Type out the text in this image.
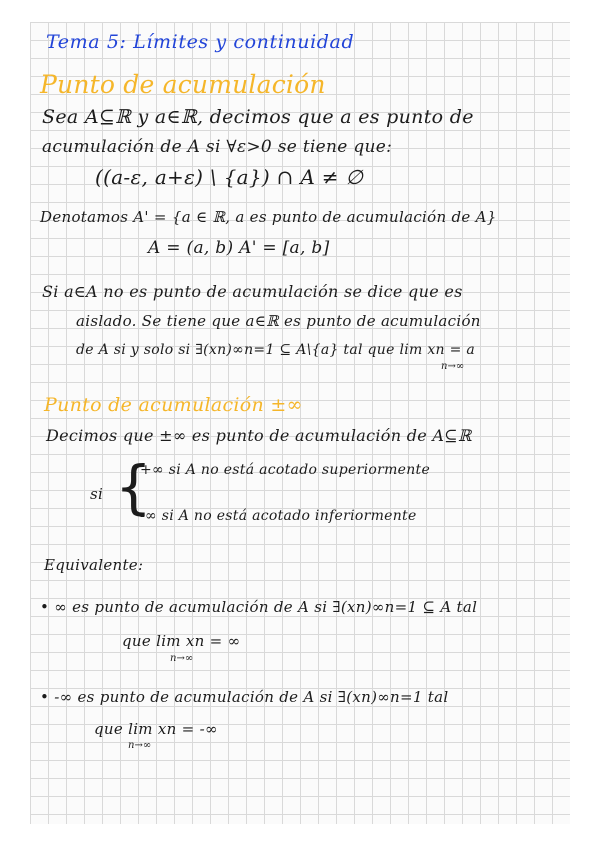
Tema 5: Límites y continuidad
Punto de acumulación
Sea A⊆ℝ y a∈ℝ, decimos que a es punto de
acumulación de A si ∀ε>0 se tiene que:
((a-ε, a+ε) \ {a}) ∩ A ≠ ∅
Denotamos A' = {a ∈ ℝ, a es punto de acumulación de A}
A = (a, b) A' = [a, b]
Si a∈A no es punto de acumulación se dice que es
aislado. Se tiene que a∈ℝ es punto de acumulación
de A si y solo si ∃(xn)∞n=1 ⊆ A\{a} tal que lim xn = a
n→∞
Punto de acumulación ±∞
Decimos que ±∞ es punto de acumulación de A⊆ℝ
si {
+∞ si A no está acotado superiormente
-∞ si A no está acotado inferiormente
Equivalente:
• ∞ es punto de acumulación de A si ∃(xn)∞n=1 ⊆ A tal
que lim xn = ∞
n→∞
• -∞ es punto de acumulación de A si ∃(xn)∞n=1 tal
que lim xn = -∞
n→∞
